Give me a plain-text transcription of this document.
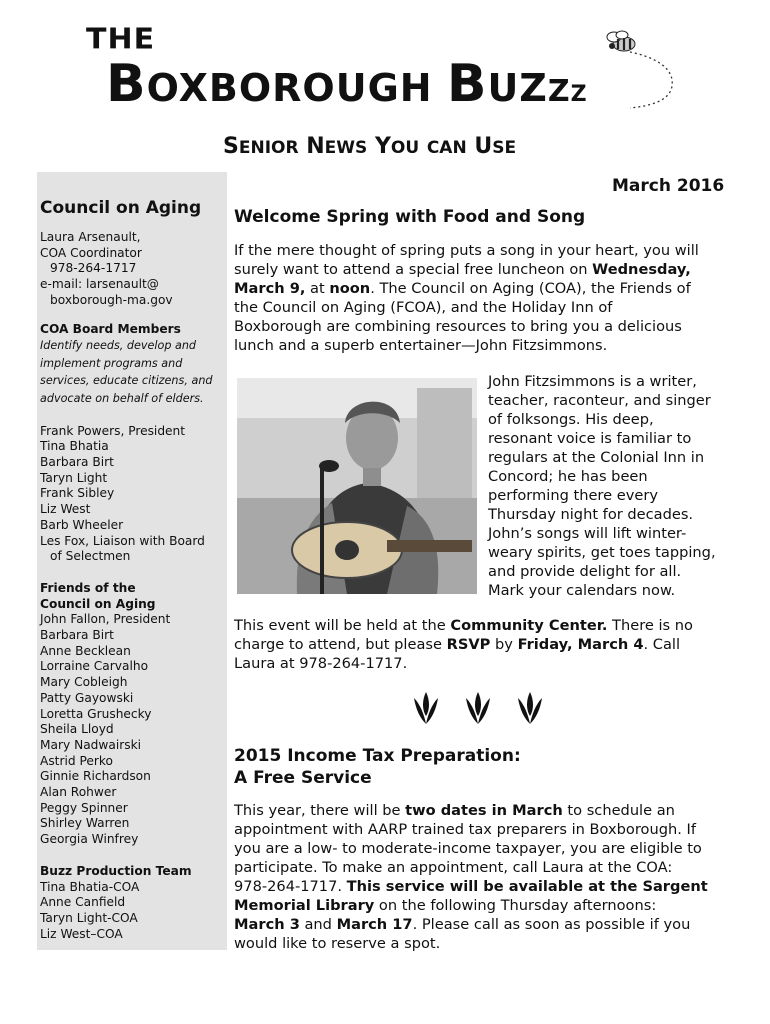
THE
BOXBOROUGH BUZZZ
SENIOR NEWS YOU CAN USE
Council on Aging
Laura Arsenault,
COA Coordinator
978-264-1717
e-mail: larsenault@
boxborough-ma.gov
COA Board Members
Identify needs, develop and
implement programs and
services, educate citizens, and
advocate on behalf of elders.
Frank Powers, President
Tina Bhatia
Barbara Birt
Taryn Light
Frank Sibley
Liz West
Barb Wheeler
Les Fox, Liaison with Board
of Selectmen
Friends of the
Council on Aging
John Fallon, President
Barbara Birt
Anne Becklean
Lorraine Carvalho
Mary Cobleigh
Patty Gayowski
Loretta Grushecky
Sheila Lloyd
Mary Nadwairski
Astrid Perko
Ginnie Richardson
Alan Rohwer
Peggy Spinner
Shirley Warren
Georgia Winfrey
Buzz Production Team
Tina Bhatia-COA
Anne Canfield
Taryn Light-COA
Liz West–COA
March 2016
Welcome Spring with Food and Song
If the mere thought of spring puts a song in your heart, you will
surely want to attend a special free luncheon on Wednesday,
March 9, at noon. The Council on Aging (COA), the Friends of
the Council on Aging (FCOA), and the Holiday Inn of
Boxborough are combining resources to bring you a delicious
lunch and a superb entertainer—John Fitzsimmons.
John Fitzsimmons is a writer,
teacher, raconteur, and singer
of folksongs. His deep,
resonant voice is familiar to
regulars at the Colonial Inn in
Concord; he has been
performing there every
Thursday night for decades.
John’s songs will lift winter-
weary spirits, get toes tapping,
and provide delight for all.
Mark your calendars now.
This event will be held at the Community Center. There is no
charge to attend, but please RSVP by Friday, March 4. Call
Laura at 978-264-1717.
2015 Income Tax Preparation:
A Free Service
This year, there will be two dates in March to schedule an
appointment with AARP trained tax preparers in Boxborough. If
you are a low- to moderate-income taxpayer, you are eligible to
participate. To make an appointment, call Laura at the COA:
978-264-1717. This service will be available at the Sargent
Memorial Library on the following Thursday afternoons:
March 3 and March 17. Please call as soon as possible if you
would like to reserve a spot.
